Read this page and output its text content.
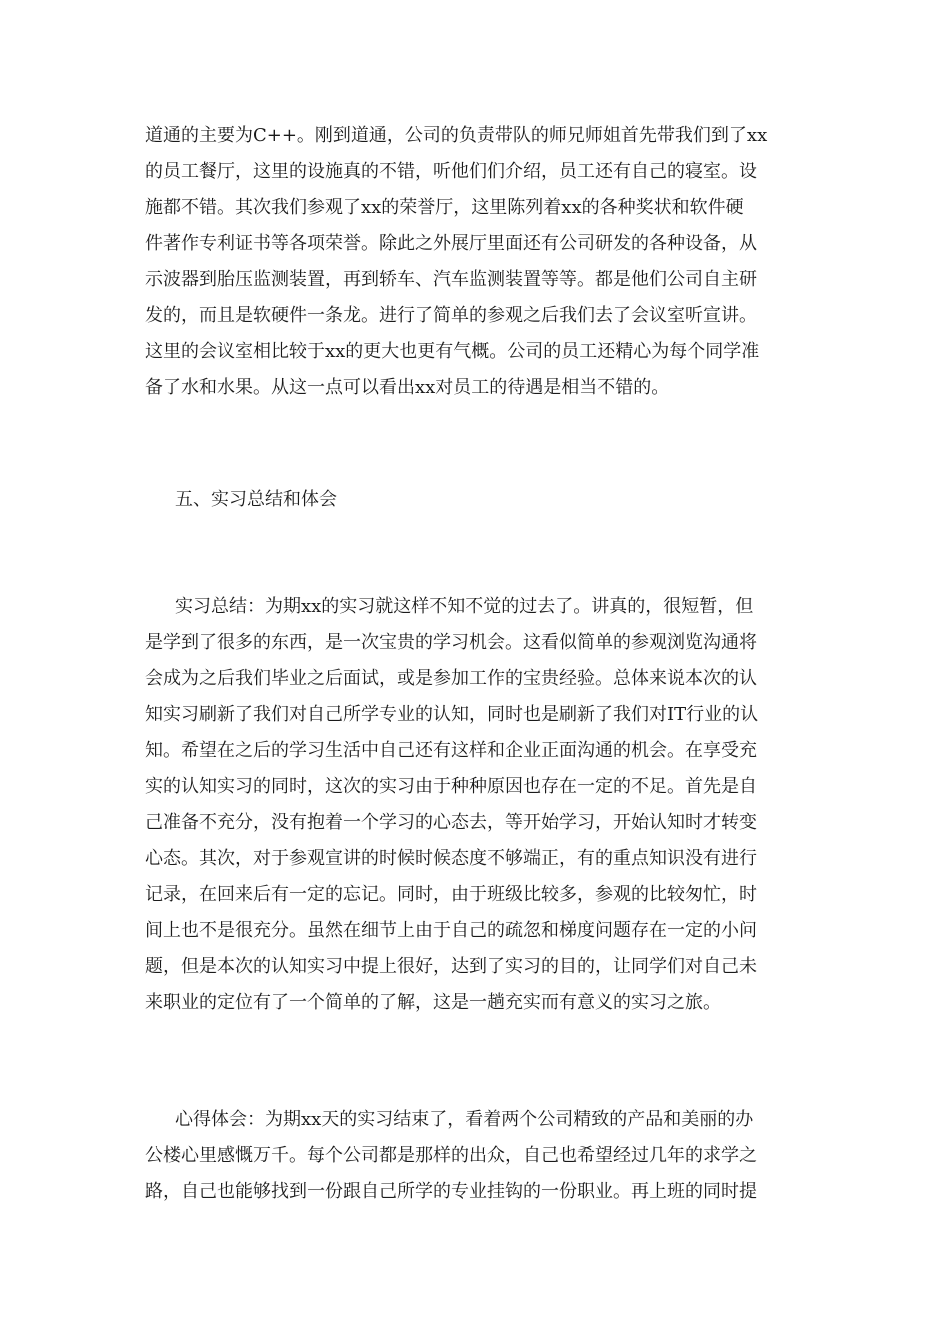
道通的主要为C++。刚到道通，公司的负责带队的师兄师姐首先带我们到了xx
的员工餐厅，这里的设施真的不错，听他们们介绍，员工还有自己的寝室。设
施都不错。其次我们参观了xx的荣誉厅，这里陈列着xx的各种奖状和软件硬
件著作专利证书等各项荣誉。除此之外展厅里面还有公司研发的各种设备，从
示波器到胎压监测装置，再到轿车、汽车监测装置等等。都是他们公司自主研
发的，而且是软硬件一条龙。进行了简单的参观之后我们去了会议室听宣讲。
这里的会议室相比较于xx的更大也更有气概。公司的员工还精心为每个同学准
备了水和水果。从这一点可以看出xx对员工的待遇是相当不错的。
五、实习总结和体会
实习总结：为期xx的实习就这样不知不觉的过去了。讲真的，很短暂，但
是学到了很多的东西，是一次宝贵的学习机会。这看似简单的参观浏览沟通将
会成为之后我们毕业之后面试，或是参加工作的宝贵经验。总体来说本次的认
知实习刷新了我们对自己所学专业的认知，同时也是刷新了我们对IT行业的认
知。希望在之后的学习生活中自己还有这样和企业正面沟通的机会。在享受充
实的认知实习的同时，这次的实习由于种种原因也存在一定的不足。首先是自
己准备不充分，没有抱着一个学习的心态去，等开始学习，开始认知时才转变
心态。其次，对于参观宣讲的时候时候态度不够端正，有的重点知识没有进行
记录，在回来后有一定的忘记。同时，由于班级比较多，参观的比较匆忙，时
间上也不是很充分。虽然在细节上由于自己的疏忽和梯度问题存在一定的小问
题，但是本次的认知实习中提上很好，达到了实习的目的，让同学们对自己未
来职业的定位有了一个简单的了解，这是一趟充实而有意义的实习之旅。
心得体会：为期xx天的实习结束了，看着两个公司精致的产品和美丽的办
公楼心里感慨万千。每个公司都是那样的出众，自己也希望经过几年的求学之
路，自己也能够找到一份跟自己所学的专业挂钩的一份职业。再上班的同时提
